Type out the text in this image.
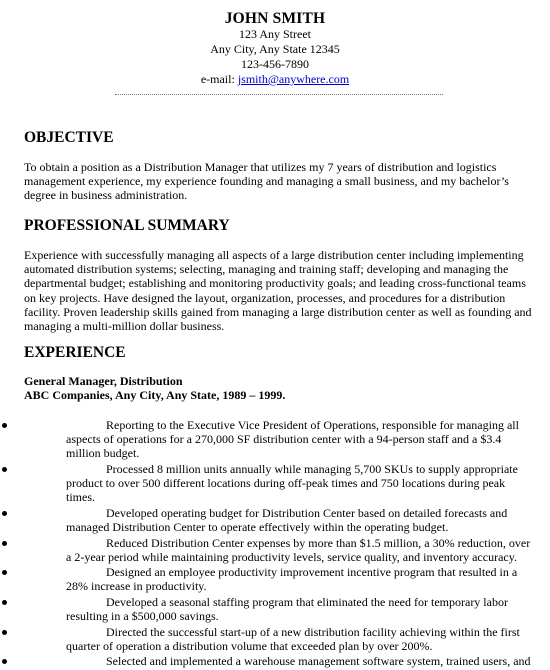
JOHN SMITH
123 Any Street
Any City, Any State 12345
123-456-7890
e-mail: jsmith@anywhere.com
OBJECTIVE
To obtain a position as a Distribution Manager that utilizes my 7 years of distribution and logistics management experience, my experience founding and managing a small business, and my bachelor’s degree in business administration.
PROFESSIONAL SUMMARY
Experience with successfully managing all aspects of a large distribution center including implementing automated distribution systems; selecting, managing and training staff; developing and managing the departmental budget; establishing and monitoring productivity goals; and leading cross-functional teams on key projects. Have designed the layout, organization, processes, and procedures for a distribution facility. Proven leadership skills gained from managing a large distribution center as well as founding and managing a multi-million dollar business.
EXPERIENCE
General Manager, Distribution
ABC Companies, Any City, Any State, 1989 – 1999.
Reporting to the Executive Vice President of Operations, responsible for managing all aspects of operations for a 270,000 SF distribution center with a 94-person staff and a $3.4 million budget.
Processed 8 million units annually while managing 5,700 SKUs to supply appropriate product to over 500 different locations during off-peak times and 750 locations during peak times.
Developed operating budget for Distribution Center based on detailed forecasts and managed Distribution Center to operate effectively within the operating budget.
Reduced Distribution Center expenses by more than $1.5 million, a 30% reduction, over a 2-year period while maintaining productivity levels, service quality, and inventory accuracy.
Designed an employee productivity improvement incentive program that resulted in a 28% increase in productivity.
Developed a seasonal staffing program that eliminated the need for temporary labor resulting in a $500,000 savings.
Directed the successful start-up of a new distribution facility achieving within the first quarter of operation a distribution volume that exceeded plan by over 200%.
Selected and implemented a warehouse management software system, trained users, and
